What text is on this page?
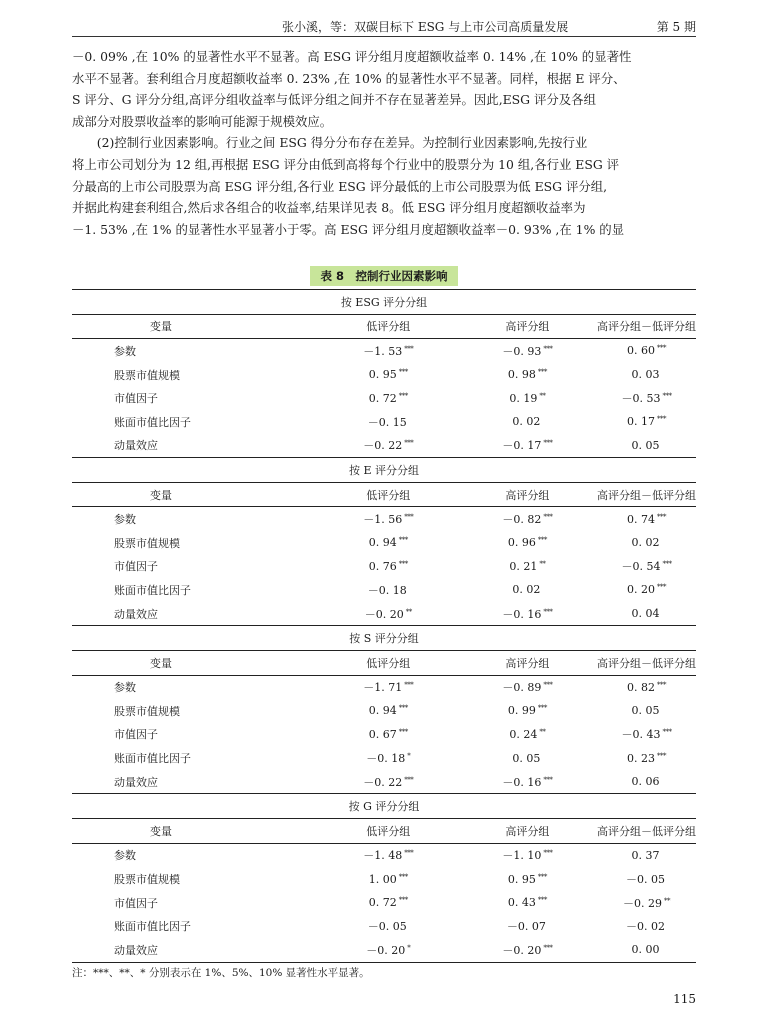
张小溪，等：双碳目标下 ESG 与上市公司高质量发展	第 5 期

－0. 09% ,在 10% 的显著性水平不显著。高 ESG 评分组月度超额收益率 0. 14% ,在 10% 的显著性
水平不显著。套利组合月度超额收益率 0. 23% ,在 10% 的显著性水平不显著。同样，根据 E 评分、
S 评分、G 评分分组,高评分组收益率与低评分组之间并不存在显著差异。因此,ESG 评分及各组
成部分对股票收益率的影响可能源于规模效应。

(2)控制行业因素影响。行业之间 ESG 得分分布存在差异。为控制行业因素影响,先按行业
将上市公司划分为 12 组,再根据 ESG 评分由低到高将每个行业中的股票分为 10 组,各行业 ESG 评
分最高的上市公司股票为高 ESG 评分组,各行业 ESG 评分最低的上市公司股票为低 ESG 评分组,
并据此构建套利组合,然后求各组合的收益率,结果详见表 8。低 ESG 评分组月度超额收益率为
－1. 53% ,在 1% 的显著性水平显著小于零。高 ESG 评分组月度超额收益率－0. 93% ,在 1% 的显

表 8　控制行业因素影响
按 ESG 评分分组			
变量	低评分组	高评分组	高评分组－低评分组
参数	－1. 53 ***	－0. 93 ***	0. 60 ***
股票市值规模	0. 95 ***	0. 98 ***	0. 03
市值因子	0. 72 ***	0. 19 **	－0. 53 ***
账面市值比因子	－0. 15	0. 02	0. 17 ***
动量效应	－0. 22 ***	－0. 17 ***	0. 05
按 E 评分分组			
变量	低评分组	高评分组	高评分组－低评分组
参数	－1. 56 ***	－0. 82 ***	0. 74 ***
股票市值规模	0. 94 ***	0. 96 ***	0. 02
市值因子	0. 76 ***	0. 21 **	－0. 54 ***
账面市值比因子	－0. 18	0. 02	0. 20 ***
动量效应	－0. 20 **	－0. 16 ***	0. 04
按 S 评分分组			
变量	低评分组	高评分组	高评分组－低评分组
参数	－1. 71 ***	－0. 89 ***	0. 82 ***
股票市值规模	0. 94 ***	0. 99 ***	0. 05
市值因子	0. 67 ***	0. 24 **	－0. 43 ***
账面市值比因子	－0. 18 *	0. 05	0. 23 ***
动量效应	－0. 22 ***	－0. 16 ***	0. 06
按 G 评分分组			
变量	低评分组	高评分组	高评分组－低评分组
参数	－1. 48 ***	－1. 10 ***	0. 37
股票市值规模	1. 00 ***	0. 95 ***	－0. 05
市值因子	0. 72 ***	0. 43 ***	－0. 29 **
账面市值比因子	－0. 05	－0. 07	－0. 02
动量效应	－0. 20 *	－0. 20 ***	0. 00
注：***、**、* 分别表示在 1%、5%、10% 显著性水平显著。
115
